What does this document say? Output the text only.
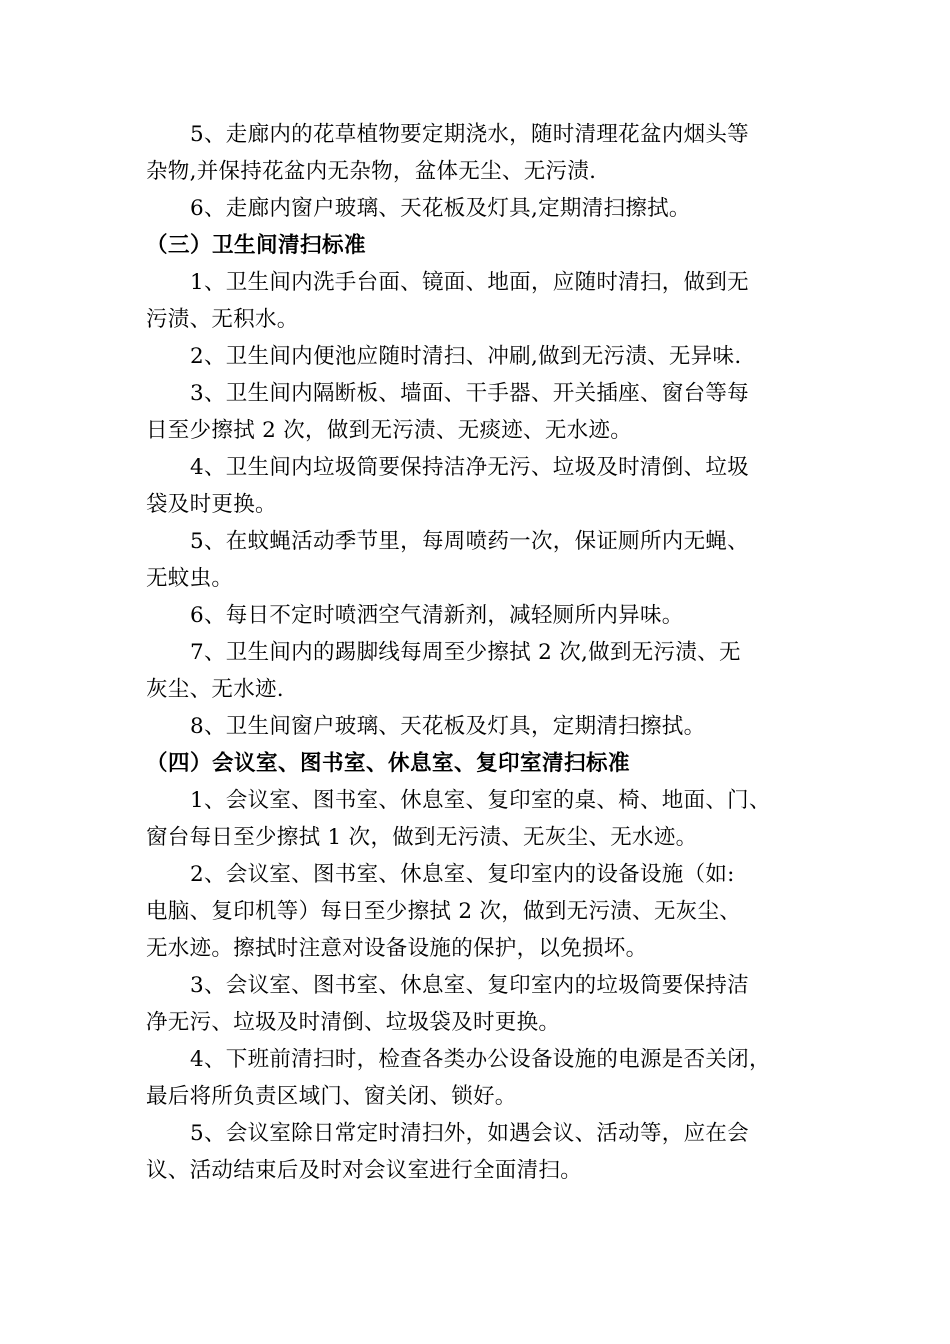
5、走廊内的花草植物要定期浇水，随时清理花盆内烟头等
杂物,并保持花盆内无杂物，盆体无尘、无污渍.
6、走廊内窗户玻璃、天花板及灯具,定期清扫擦拭。
（三）卫生间清扫标准
1、卫生间内洗手台面、镜面、地面，应随时清扫，做到无
污渍、无积水。
2、卫生间内便池应随时清扫、冲刷,做到无污渍、无异味.
3、卫生间内隔断板、墙面、干手器、开关插座、窗台等每
日至少擦拭 2 次，做到无污渍、无痰迹、无水迹。
4、卫生间内垃圾筒要保持洁净无污、垃圾及时清倒、垃圾
袋及时更换。
5、在蚊蝇活动季节里，每周喷药一次，保证厕所内无蝇、
无蚊虫。
6、每日不定时喷洒空气清新剂，减轻厕所内异味。
7、卫生间内的踢脚线每周至少擦拭 2 次,做到无污渍、无
灰尘、无水迹.
8、卫生间窗户玻璃、天花板及灯具，定期清扫擦拭。
（四）会议室、图书室、休息室、复印室清扫标准
1、会议室、图书室、休息室、复印室的桌、椅、地面、门、
窗台每日至少擦拭 1 次，做到无污渍、无灰尘、无水迹。
2、会议室、图书室、休息室、复印室内的设备设施（如:
电脑、复印机等）每日至少擦拭 2 次，做到无污渍、无灰尘、
无水迹。擦拭时注意对设备设施的保护，以免损坏。
3、会议室、图书室、休息室、复印室内的垃圾筒要保持洁
净无污、垃圾及时清倒、垃圾袋及时更换。
4、下班前清扫时，检查各类办公设备设施的电源是否关闭，
最后将所负责区域门、窗关闭、锁好。
5、会议室除日常定时清扫外，如遇会议、活动等，应在会
议、活动结束后及时对会议室进行全面清扫。
